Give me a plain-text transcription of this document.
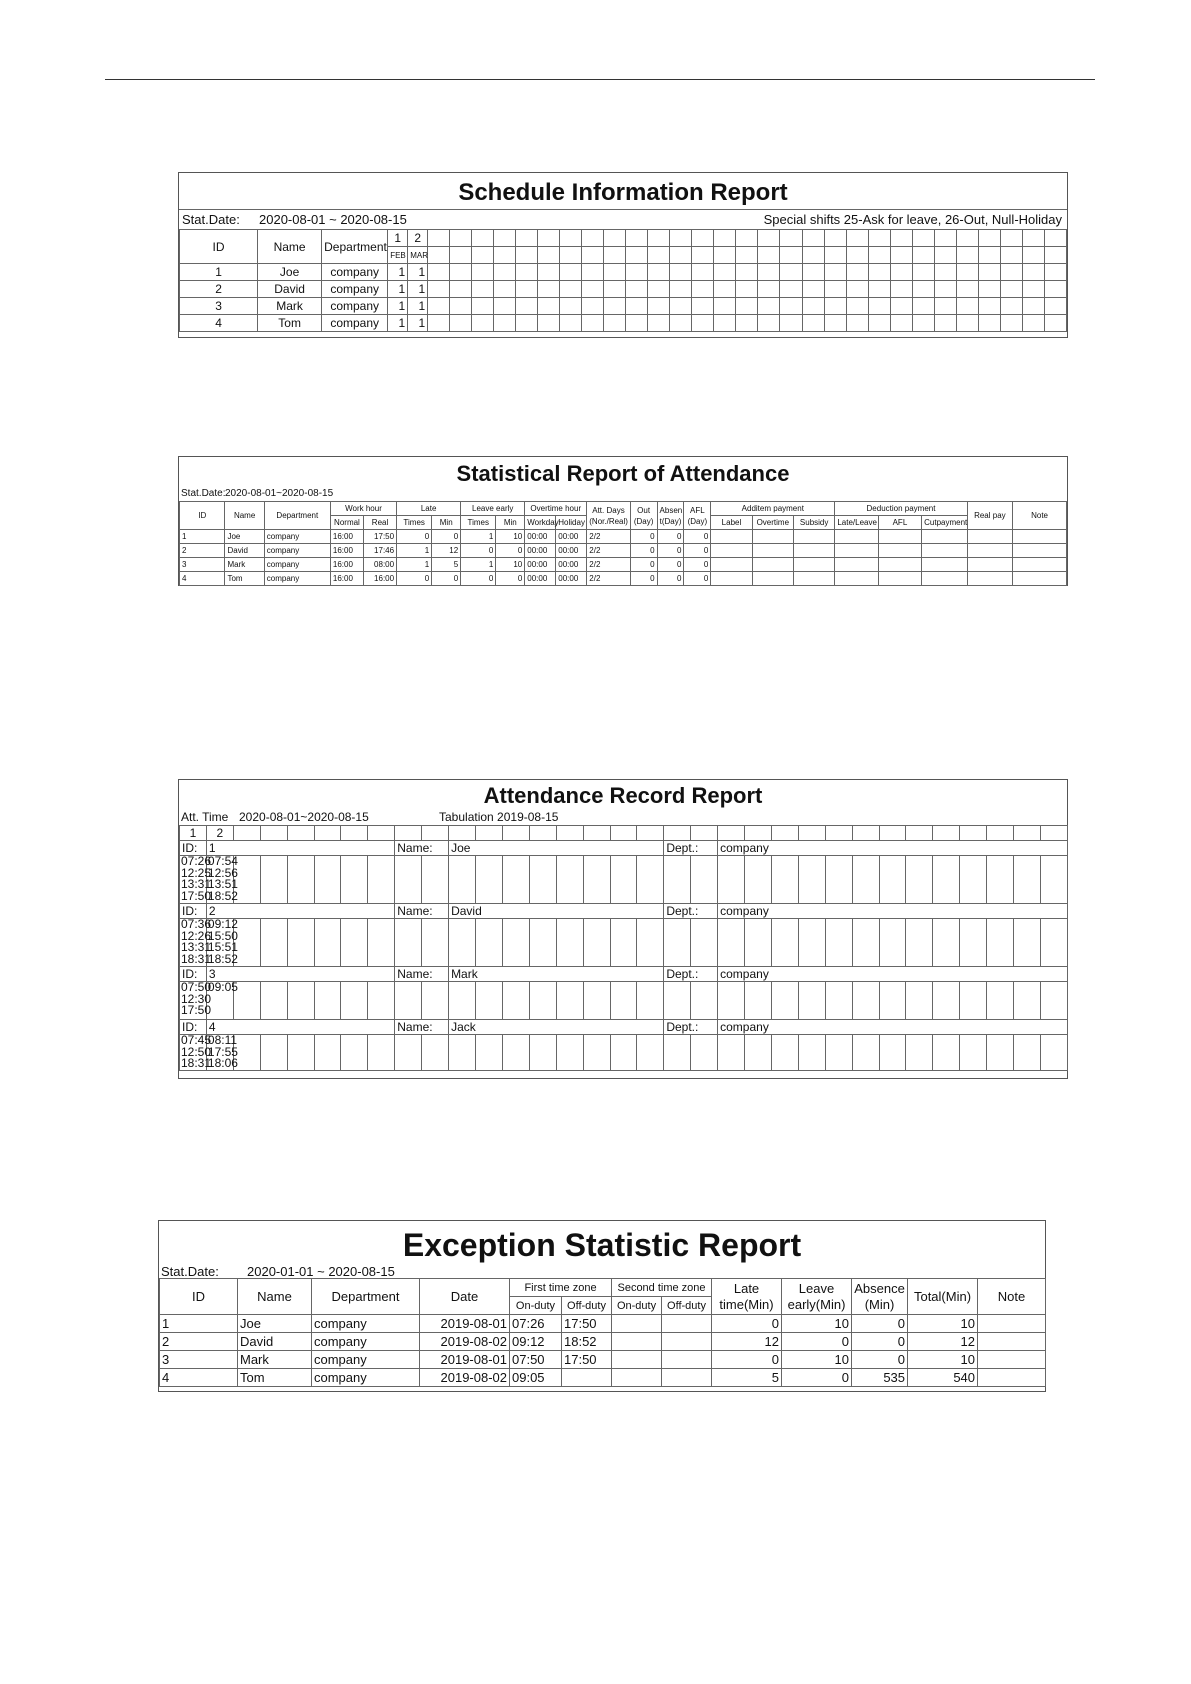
Schedule Information Report
Stat.Date: 2020-08-01 ~ 2020-08-15	Special shifts 25-Ask for leave, 26-Out, Null-Holiday
ID	Name	Department	1	2																													
			FEB	MAR																													
1	Joe	company	1	1																													
2	David	company	1	1																													
3	Mark	company	1	1																													
4	Tom	company	1	1																													
Statistical Report of Attendance
Stat.Date: 2020-08-01~2020-08-15
ID	Name	Department	Work hour		Late		Leave early		Overtime hour		Att. Days (Nor./Real)	Out (Day)	Absen t(Day)	AFL (Day)	Additem payment			Deduction payment			Real pay	Note
			Normal	Real	Times	Min	Times	Min	Workday	Holiday					Label	Overtime	Subsidy	Late/Leave	AFL	Cutpayment		
1	Joe	company	16:00	17:50	0	0	1	10	00:00	00:00	2/2	0	0	0								
2	David	company	16:00	17:46	1	12	0	0	00:00	00:00	2/2	0	0	0								
3	Mark	company	16:00	08:00	1	5	1	10	00:00	00:00	2/2	0	0	0								
4	Tom	company	16:00	16:00	0	0	0	0	00:00	00:00	2/2	0	0	0								
Attendance Record Report
Att. Time 2020-08-01~2020-08-15	Tabulation 2019-08-15
1	2																															
ID:	1							Name:		Joe								Dept.:		company												
07:26 12:25 13:31 17:50	07:54 12:56 13:51 18:52																															
ID:	2							Name:		David								Dept.:		company												
07:36 12:26 13:31 18:31	09:12 15:50 15:51 18:52																															
ID:	3							Name:		Mark								Dept.:		company												
07:50 12:30 17:50	09:05																															
ID:	4							Name:		Jack								Dept.:		company												
07:45 12:50 18:31	08:11 17:55 18:06																															
Exception Statistic Report
Stat.Date: 2020-01-01 ~ 2020-08-15
ID	Name	Department	Date	First time zone		Second time zone		Late time(Min)	Leave early(Min)	Absence (Min)	Total(Min)	Note
				On-duty	Off-duty	On-duty	Off-duty					
1	Joe	company	2019-08-01	07:26	17:50			0	10	0	10	
2	David	company	2019-08-02	09:12	18:52			12	0	0	12	
3	Mark	company	2019-08-01	07:50	17:50			0	10	0	10	
4	Tom	company	2019-08-02	09:05				5	0	535	540	
